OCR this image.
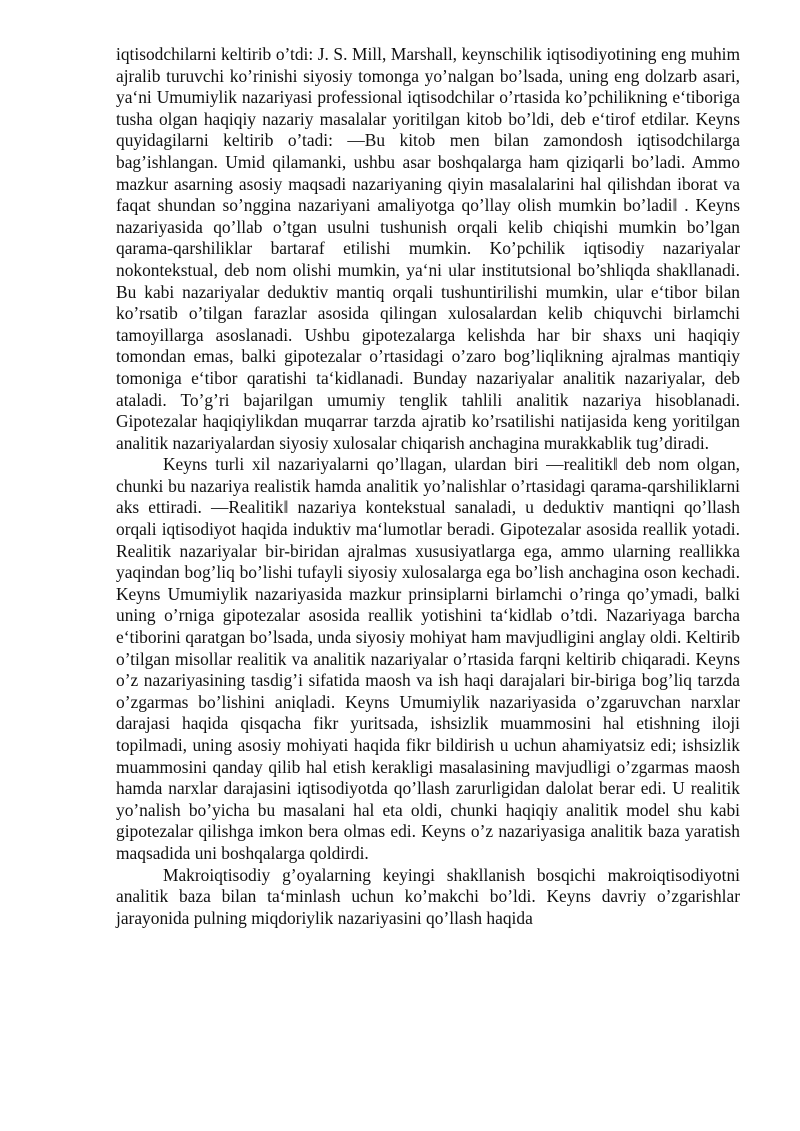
iqtisodchilarni keltirib o’tdi: J. S. Mill, Marshall, keynschilik iqtisodiyotining eng muhim ajralib turuvchi ko’rinishi siyosiy tomonga yo’nalgan bo’lsada, uning eng dolzarb asari, ya‘ni Umumiylik nazariyasi professional iqtisodchilar o’rtasida ko’pchilikning e‘tiboriga tusha olgan haqiqiy nazariy masalalar yoritilgan kitob bo’ldi, deb e‘tirof etdilar. Keyns quyidagilarni keltirib o’tadi: ―Bu kitob men bilan zamondosh iqtisodchilarga bag’ishlangan. Umid qilamanki, ushbu asar boshqalarga ham qiziqarli bo’ladi. Ammo mazkur asarning asosiy maqsadi nazariyaning qiyin masalalarini hal qilishdan iborat va faqat shundan so’nggina nazariyani amaliyotga qo’llay olish mumkin bo’ladi‖ . Keyns nazariyasida qo’llab o’tgan usulni tushunish orqali kelib chiqishi mumkin bo’lgan qarama-qarshiliklar bartaraf etilishi mumkin. Ko’pchilik iqtisodiy nazariyalar nokontekstual, deb nom olishi mumkin, ya‘ni ular institutsional bo’shliqda shakllanadi. Bu kabi nazariyalar deduktiv mantiq orqali tushuntirilishi mumkin, ular e‘tibor bilan ko’rsatib o’tilgan farazlar asosida qilingan xulosalardan kelib chiquvchi birlamchi tamoyillarga asoslanadi. Ushbu gipotezalarga kelishda har bir shaxs uni haqiqiy tomondan emas, balki gipotezalar o’rtasidagi o’zaro bog’liqlikning ajralmas mantiqiy tomoniga e‘tibor qaratishi ta‘kidlanadi. Bunday nazariyalar analitik nazariyalar, deb ataladi. To’g’ri bajarilgan umumiy tenglik tahlili analitik nazariya hisoblanadi. Gipotezalar haqiqiylikdan muqarrar tarzda ajratib ko’rsatilishi natijasida keng yoritilgan analitik nazariyalardan siyosiy xulosalar chiqarish anchagina murakkablik tug’diradi.

Keyns turli xil nazariyalarni qo’llagan, ulardan biri ―realitik‖ deb nom olgan, chunki bu nazariya realistik hamda analitik yo’nalishlar o’rtasidagi qarama-qarshiliklarni aks ettiradi. ―Realitik‖ nazariya kontekstual sanaladi, u deduktiv mantiqni qo’llash orqali iqtisodiyot haqida induktiv ma‘lumotlar beradi. Gipotezalar asosida reallik yotadi. Realitik nazariyalar bir-biridan ajralmas xususiyatlarga ega, ammo ularning reallikka yaqindan bog’liq bo’lishi tufayli siyosiy xulosalarga ega bo’lish anchagina oson kechadi. Keyns Umumiylik nazariyasida mazkur prinsiplarni birlamchi o’ringa qo’ymadi, balki uning o’rniga gipotezalar asosida reallik yotishini ta‘kidlab o’tdi. Nazariyaga barcha e‘tiborini qaratgan bo’lsada, unda siyosiy mohiyat ham mavjudligini anglay oldi. Keltirib o’tilgan misollar realitik va analitik nazariyalar o’rtasida farqni keltirib chiqaradi. Keyns o’z nazariyasining tasdig’i sifatida maosh va ish haqi darajalari bir-biriga bog’liq tarzda o’zgarmas bo’lishini aniqladi. Keyns Umumiylik nazariyasida o’zgaruvchan narxlar darajasi haqida qisqacha fikr yuritsada, ishsizlik muammosini hal etishning iloji topilmadi, uning asosiy mohiyati haqida fikr bildirish u uchun ahamiyatsiz edi; ishsizlik muammosini qanday qilib hal etish kerakligi masalasining mavjudligi o’zgarmas maosh hamda narxlar darajasini iqtisodiyotda qo’llash zarurligidan dalolat berar edi. U realitik yo’nalish bo’yicha bu masalani hal eta oldi, chunki haqiqiy analitik model shu kabi gipotezalar qilishga imkon bera olmas edi. Keyns o’z nazariyasiga analitik baza yaratish maqsadida uni boshqalarga qoldirdi.

Makroiqtisodiy g’oyalarning keyingi shakllanish bosqichi makroiqtisodiyotni analitik baza bilan ta‘minlash uchun ko’makchi bo’ldi. Keyns davriy o’zgarishlar jarayonida pulning miqdoriylik nazariyasini qo’llash haqida
